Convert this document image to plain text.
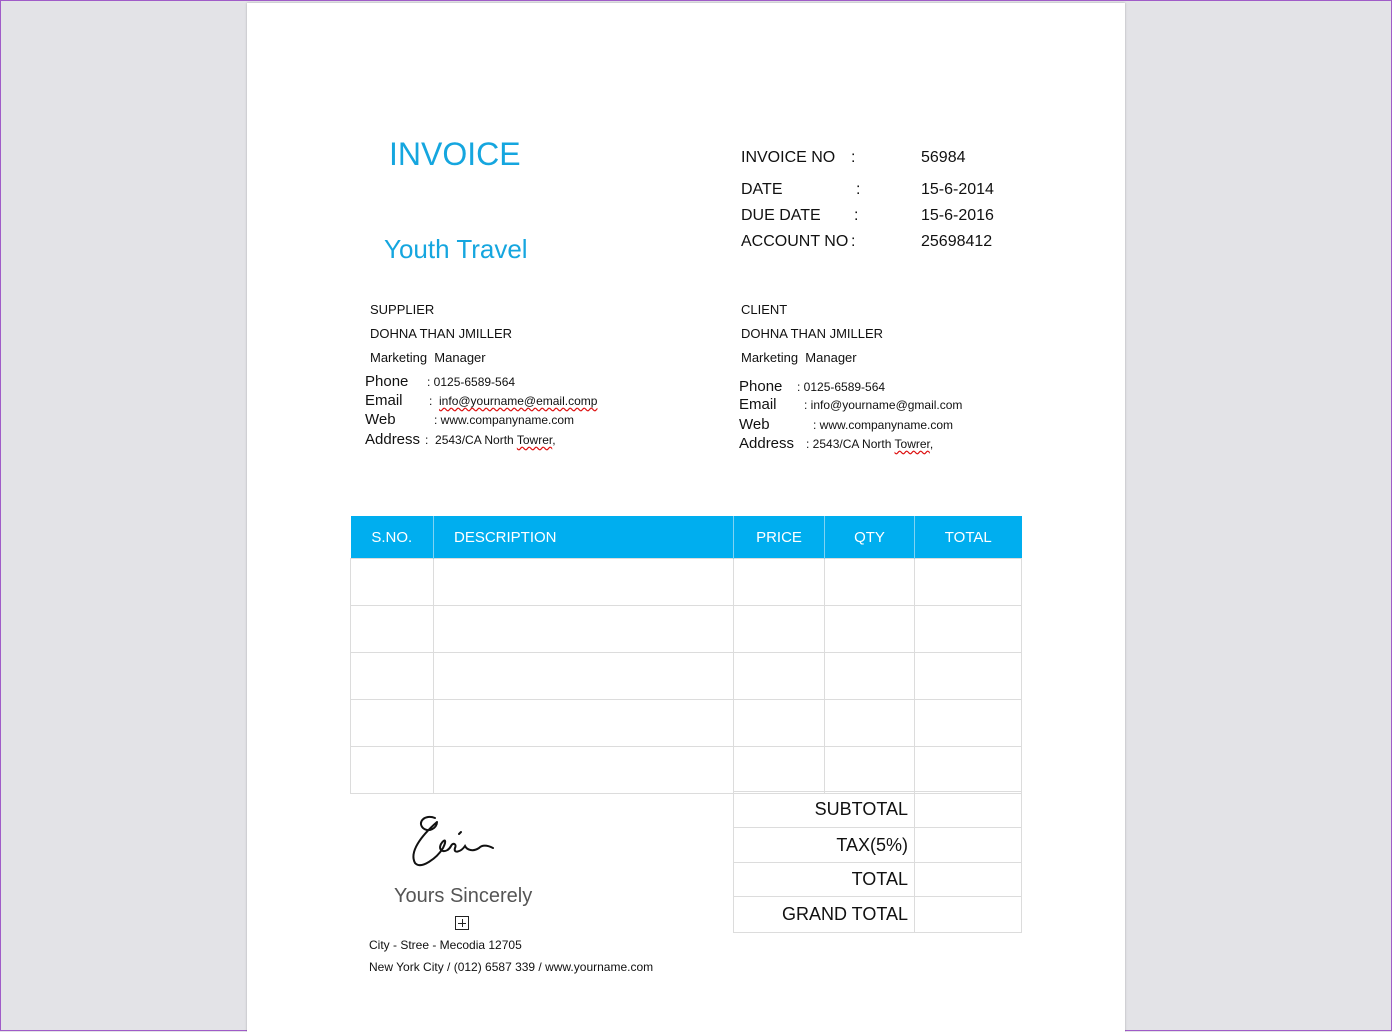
INVOICE
Youth Travel
INVOICE NO :	56984
DATE	:	15-6-2014
DUE DATE :	15-6-2016
ACCOUNT NO :	25698412
SUPPLIER
DOHNA THAN JMILLER
Marketing  Manager
Phone : 0125-6589-564
Email :  info@yourname@email.comp
Web	: www.companyname.com
Address :  2543/CA North Towrer,
CLIENT
DOHNA THAN JMILLER
Marketing  Manager
Phone : 0125-6589-564
Email : info@yourname@gmail.com
Web	: www.companyname.com
Address : 2543/CA North Towrer,
S.NO.	DESCRIPTION	PRICE	QTY	TOTAL

SUBTOTAL	
TAX(5%)	
TOTAL	
GRAND TOTAL	
Yours Sincerely
City - Stree - Mecodia 12705
New York City / (012) 6587 339 / www.yourname.com
